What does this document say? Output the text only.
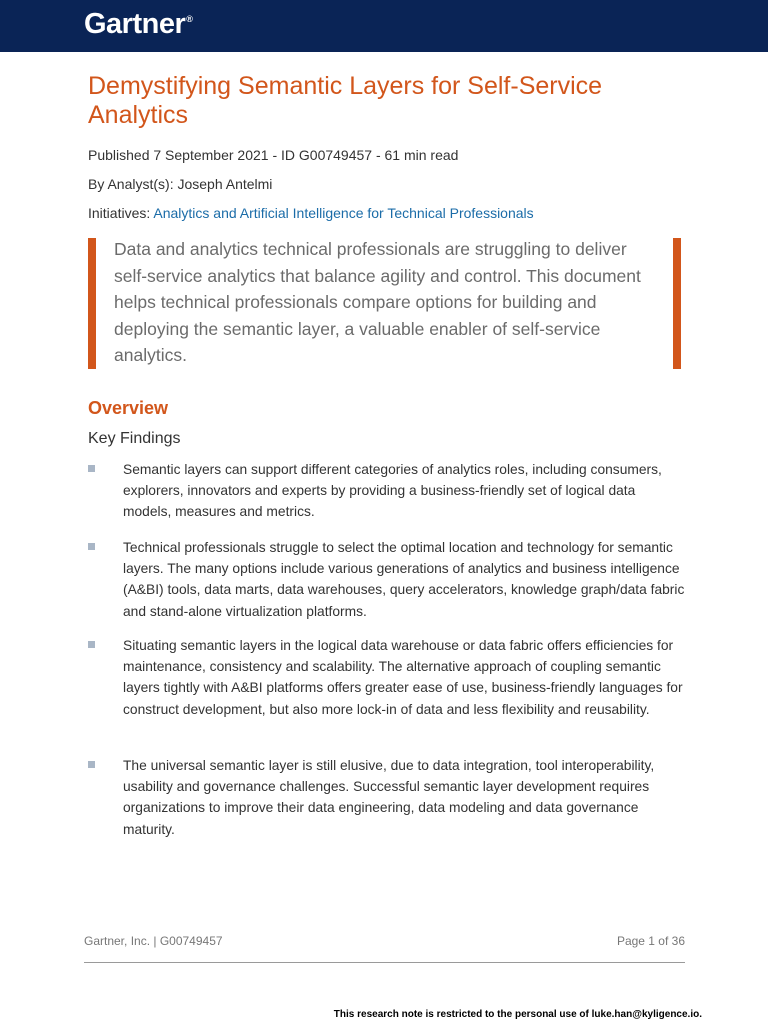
Gartner®
Demystifying Semantic Layers for Self-Service Analytics

Published 7 September 2021 - ID G00749457 - 61 min read

By Analyst(s): Joseph Antelmi

Initiatives: Analytics and Artificial Intelligence for Technical Professionals

Data and analytics technical professionals are struggling to deliver self-service analytics that balance agility and control. This document helps technical professionals compare options for building and deploying the semantic layer, a valuable enabler of self-service analytics.

Overview
Key Findings

Semantic layers can support different categories of analytics roles, including consumers, explorers, innovators and experts by providing a business-friendly set of logical data models, measures and metrics.

Technical professionals struggle to select the optimal location and technology for semantic layers. The many options include various generations of analytics and business intelligence (A&BI) tools, data marts, data warehouses, query accelerators, knowledge graph/data fabric and stand-alone virtualization platforms.

Situating semantic layers in the logical data warehouse or data fabric offers efficiencies for maintenance, consistency and scalability. The alternative approach of coupling semantic layers tightly with A&BI platforms offers greater ease of use, business-friendly languages for construct development, but also more lock-in of data and less flexibility and reusability.

The universal semantic layer is still elusive, due to data integration, tool interoperability, usability and governance challenges. Successful semantic layer development requires organizations to improve their data engineering, data modeling and data governance maturity.

Gartner, Inc. | G00749457	Page 1 of 36
This research note is restricted to the personal use of luke.han@kyligence.io.
